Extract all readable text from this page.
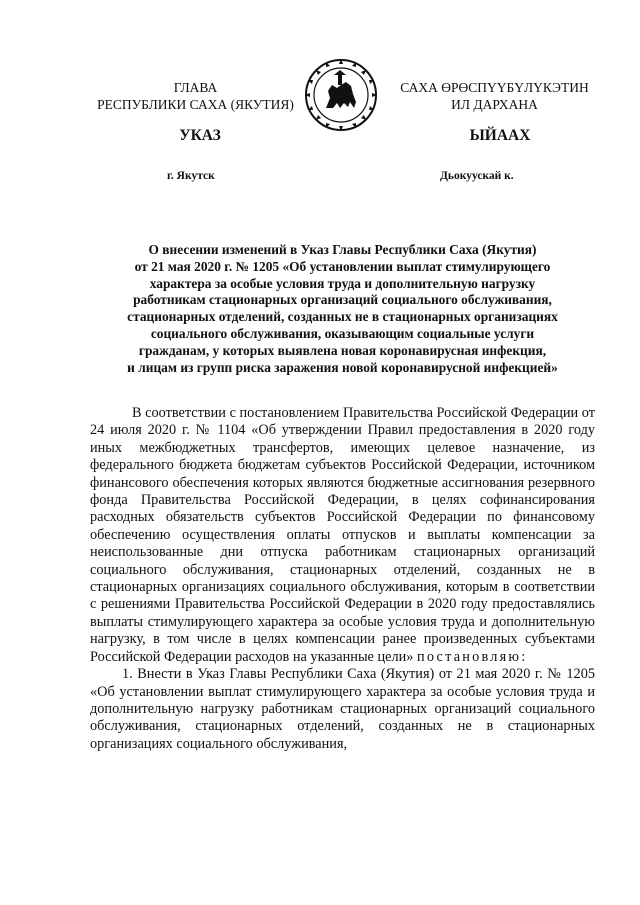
ГЛАВА
РЕСПУБЛИКИ САХА (ЯКУТИЯ)
САХА ӨРӨСПҮҮБҮЛҮКЭТИН
ИЛ ДАРХАНА
УКАЗ	ЫЙААХ
г. Якутск	Дьокуускай к.
О внесении изменений в Указ Главы Республики Саха (Якутия)
от 21 мая 2020 г. № 1205 «Об установлении выплат стимулирующего
характера за особые условия труда и дополнительную нагрузку
работникам стационарных организаций социального обслуживания,
стационарных отделений, созданных не в стационарных организациях
социального обслуживания, оказывающим социальные услуги
гражданам, у которых выявлена новая коронавирусная инфекция,
и лицам из групп риска заражения новой коронавирусной инфекцией»

В соответствии с постановлением Правительства Российской Федерации от 24 июля 2020 г. № 1104 «Об утверждении Правил предоставления в 2020 году иных межбюджетных трансфертов, имеющих целевое назначение, из федерального бюджета бюджетам субъектов Российской Федерации, источником финансового обеспечения которых являются бюджетные ассигнования резервного фонда Правительства Российской Федерации, в целях софинансирования расходных обязательств субъектов Российской Федерации по финансовому обеспечению осуществления оплаты отпусков и выплаты компенсации за неиспользованные дни отпуска работникам стационарных организаций социального обслуживания, стационарных отделений, созданных не в стационарных организациях социального обслуживания, которым в соответствии с решениями Правительства Российской Федерации в 2020 году предоставлялись выплаты стимулирующего характера за особые условия труда и дополнительную нагрузку, в том числе в целях компенсации ранее произведенных субъектами Российской Федерации расходов на указанные цели» постановляю:

1. Внести в Указ Главы Республики Саха (Якутия) от 21 мая 2020 г. № 1205 «Об установлении выплат стимулирующего характера за особые условия труда и дополнительную нагрузку работникам стационарных организаций социального обслуживания, стационарных отделений, созданных не в стационарных организациях социального обслуживания,
